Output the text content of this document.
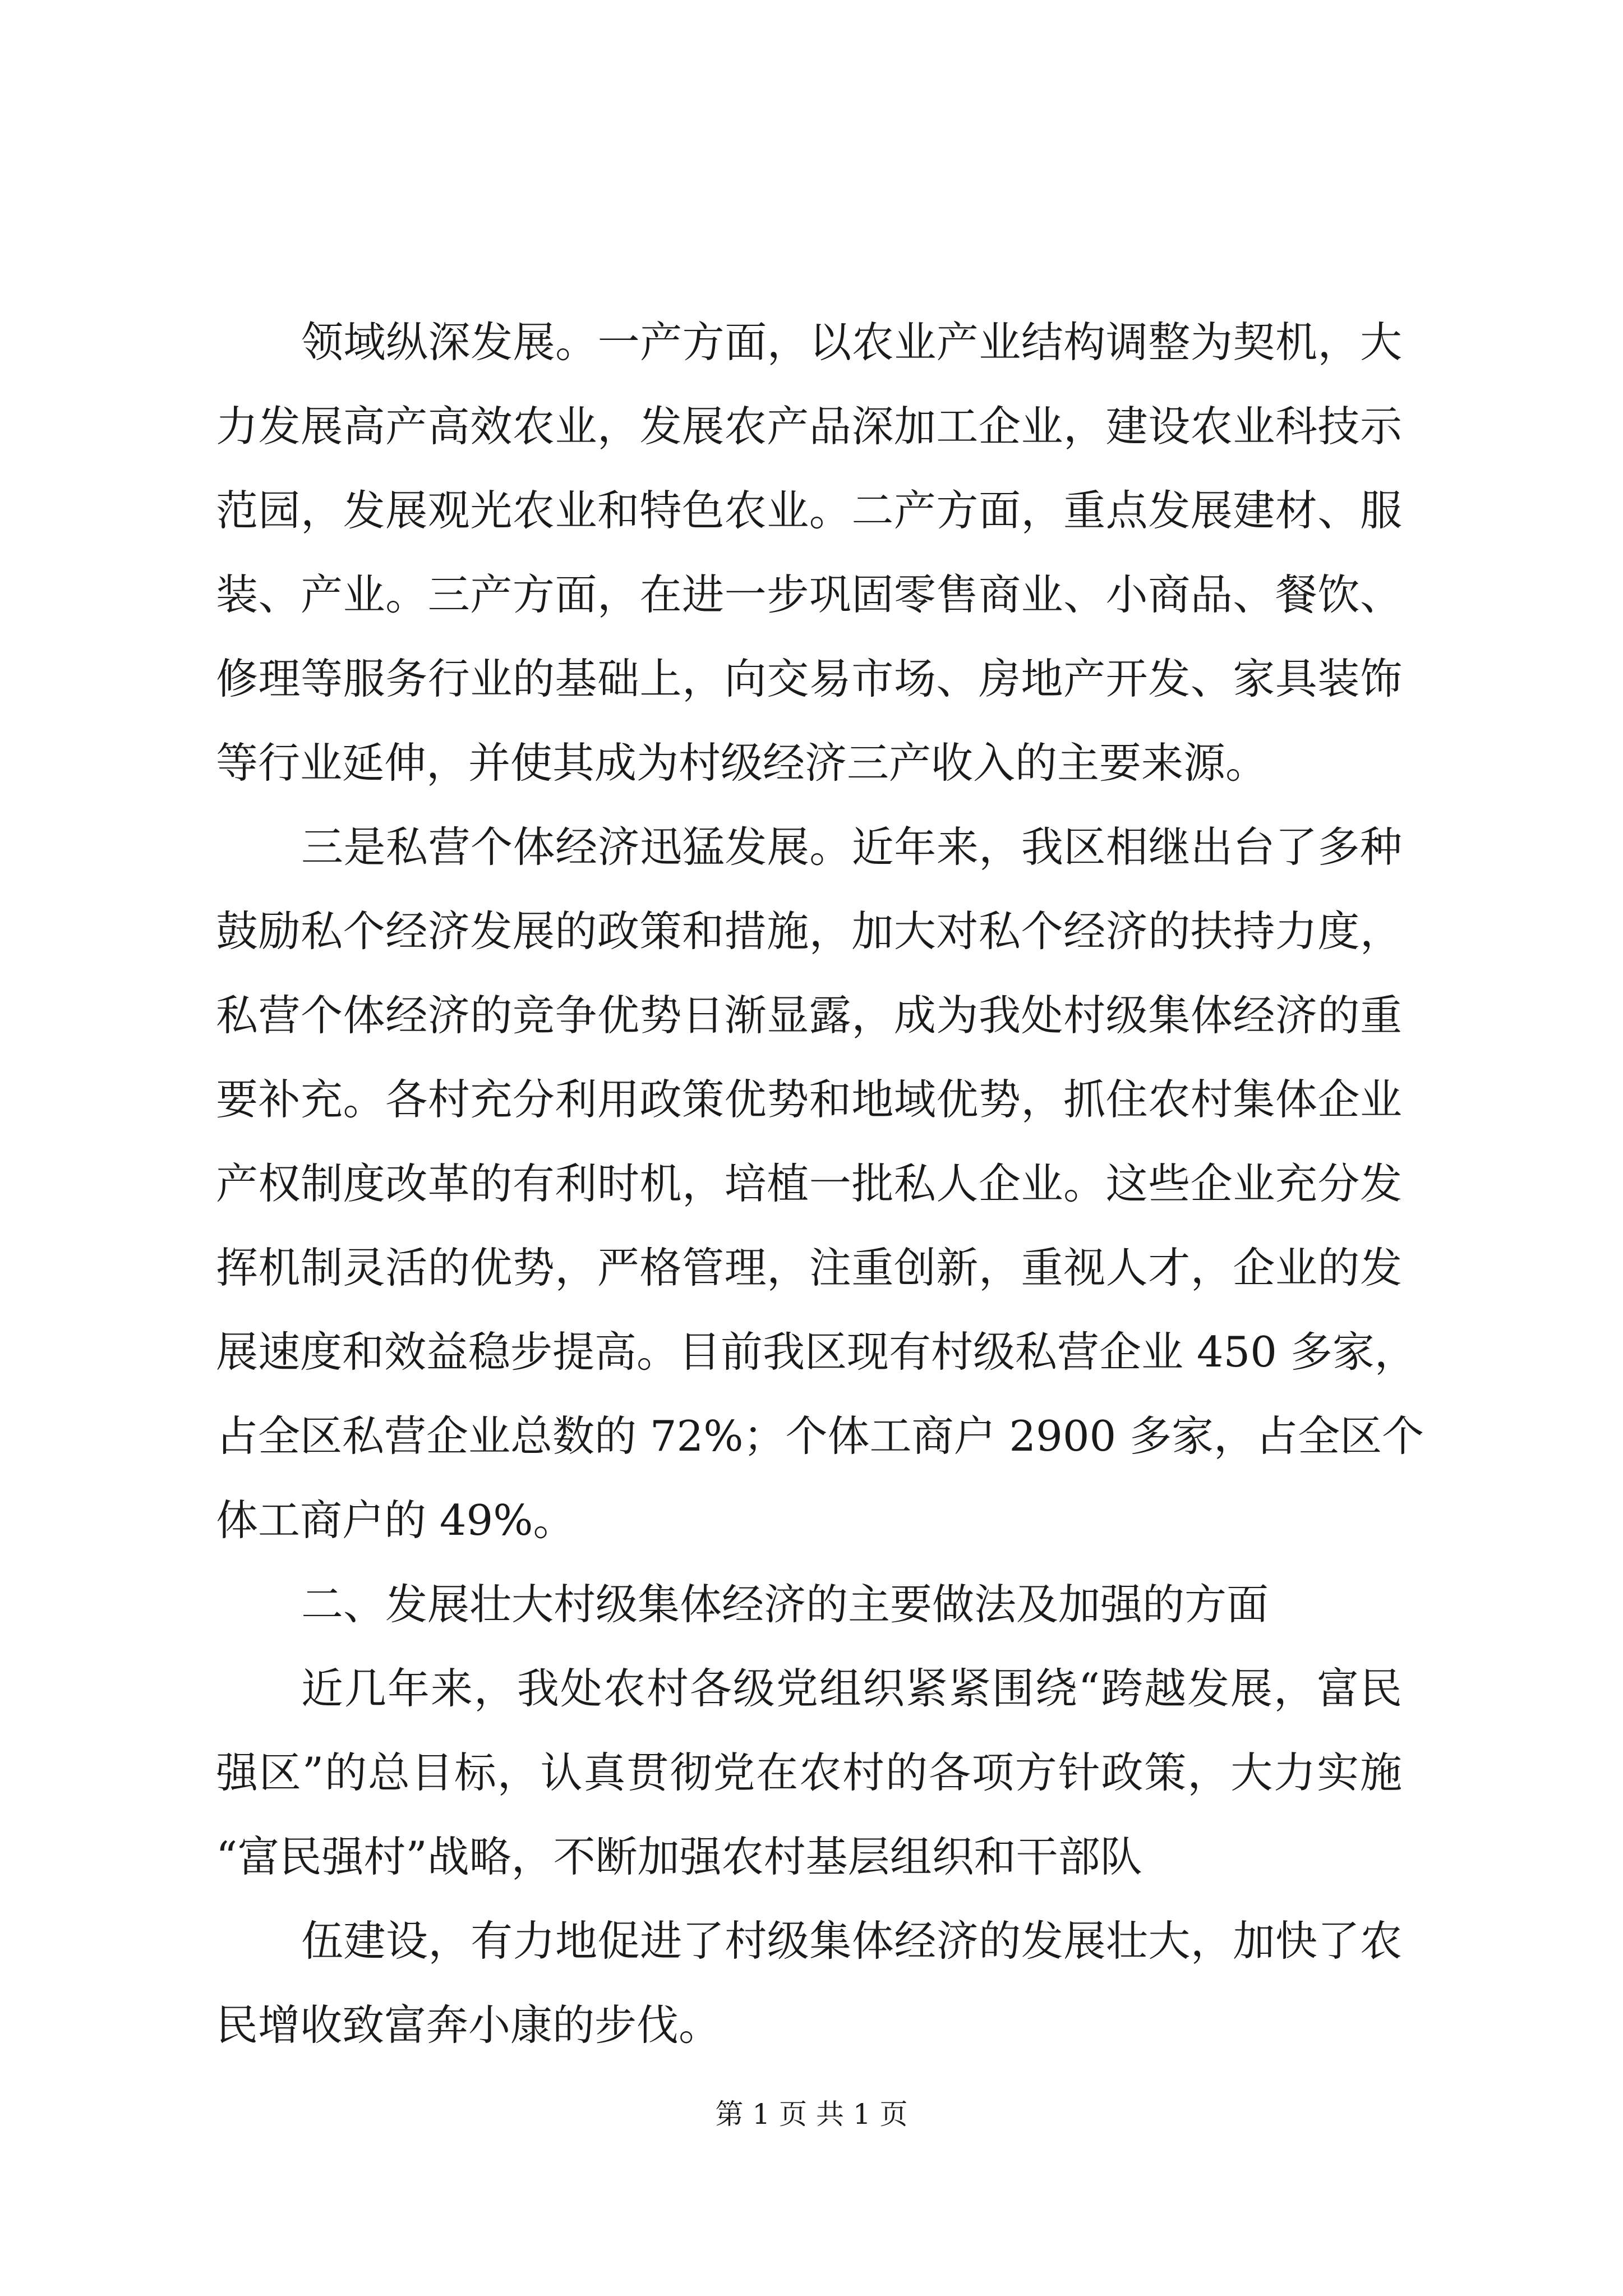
领域纵深发展。一产方面，以农业产业结构调整为契机，大
力发展高产高效农业，发展农产品深加工企业，建设农业科技示
范园，发展观光农业和特色农业。二产方面，重点发展建材、服
装、产业。三产方面，在进一步巩固零售商业、小商品、餐饮、
修理等服务行业的基础上，向交易市场、房地产开发、家具装饰
等行业延伸，并使其成为村级经济三产收入的主要来源。
三是私营个体经济迅猛发展。近年来，我区相继出台了多种
鼓励私个经济发展的政策和措施，加大对私个经济的扶持力度，
私营个体经济的竞争优势日渐显露，成为我处村级集体经济的重
要补充。各村充分利用政策优势和地域优势，抓住农村集体企业
产权制度改革的有利时机，培植一批私人企业。这些企业充分发
挥机制灵活的优势，严格管理，注重创新，重视人才，企业的发
展速度和效益稳步提高。目前我区现有村级私营企业 450 多家，
占全区私营企业总数的 72%；个体工商户 2900 多家，占全区个
体工商户的 49%。
二、发展壮大村级集体经济的主要做法及加强的方面
近几年来，我处农村各级党组织紧紧围绕“跨越发展，富民
强区”的总目标，认真贯彻党在农村的各项方针政策，大力实施
“富民强村”战略，不断加强农村基层组织和干部队
伍建设，有力地促进了村级集体经济的发展壮大，加快了农
民增收致富奔小康的步伐。
第 1 页 共 1 页
